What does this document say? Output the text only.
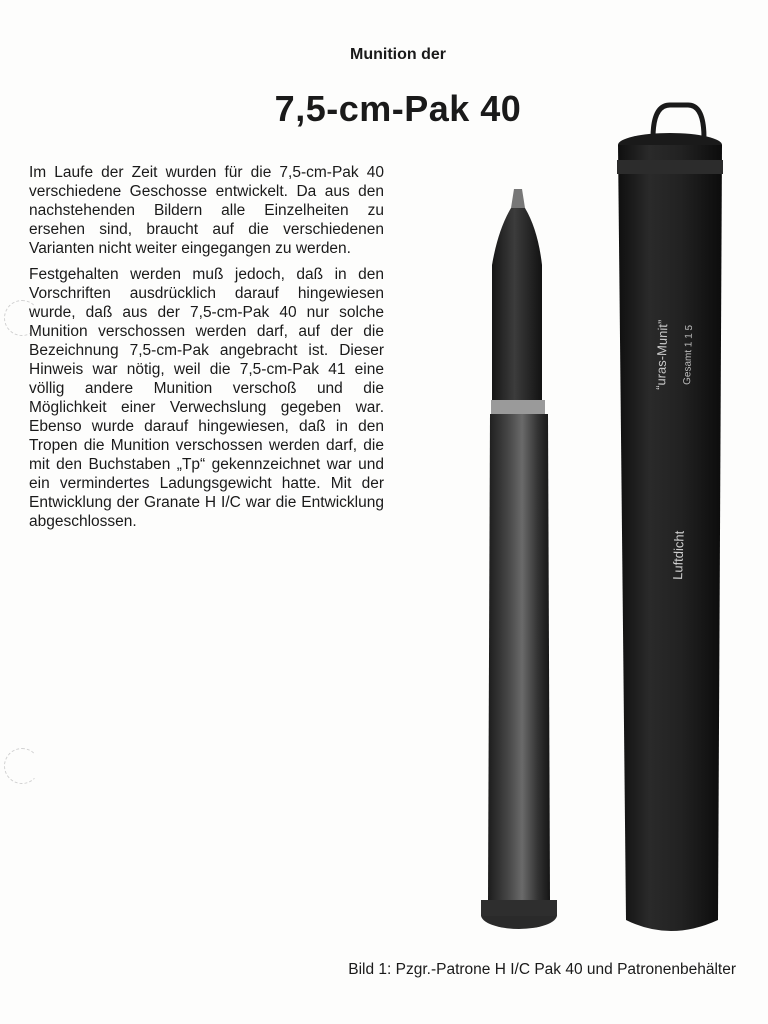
Munition der
7,5-cm-Pak 40

Im Laufe der Zeit wurden für die 7,5-cm-Pak 40 verschiedene Geschosse entwickelt. Da aus den nachstehenden Bildern alle Einzelheiten zu ersehen sind, braucht auf die verschiedenen Varianten nicht weiter eingegangen zu werden.

Festgehalten werden muß jedoch, daß in den Vorschriften ausdrücklich darauf hingewiesen wurde, daß aus der 7,5-cm-Pak 40 nur solche Munition verschossen werden darf, auf der die Bezeichnung 7,5-cm-Pak angebracht ist. Dieser Hinweis war nötig, weil die 7,5-cm-Pak 41 eine völlig andere Munition verschoß und die Möglichkeit einer Verwechslung gegeben war. Ebenso wurde darauf hingewiesen, daß in den Tropen die Munition verschossen werden darf, die mit den Buchstaben „Tp“ gekennzeichnet war und ein vermindertes Ladungsgewicht hatte. Mit der Entwicklung der Granate H I/C war die Entwicklung abgeschlossen.

“uras-Munit” Gesamt 1 1 5
Luftdicht
Bild 1: Pzgr.-Patrone H I/C Pak 40 und Patronenbehälter
